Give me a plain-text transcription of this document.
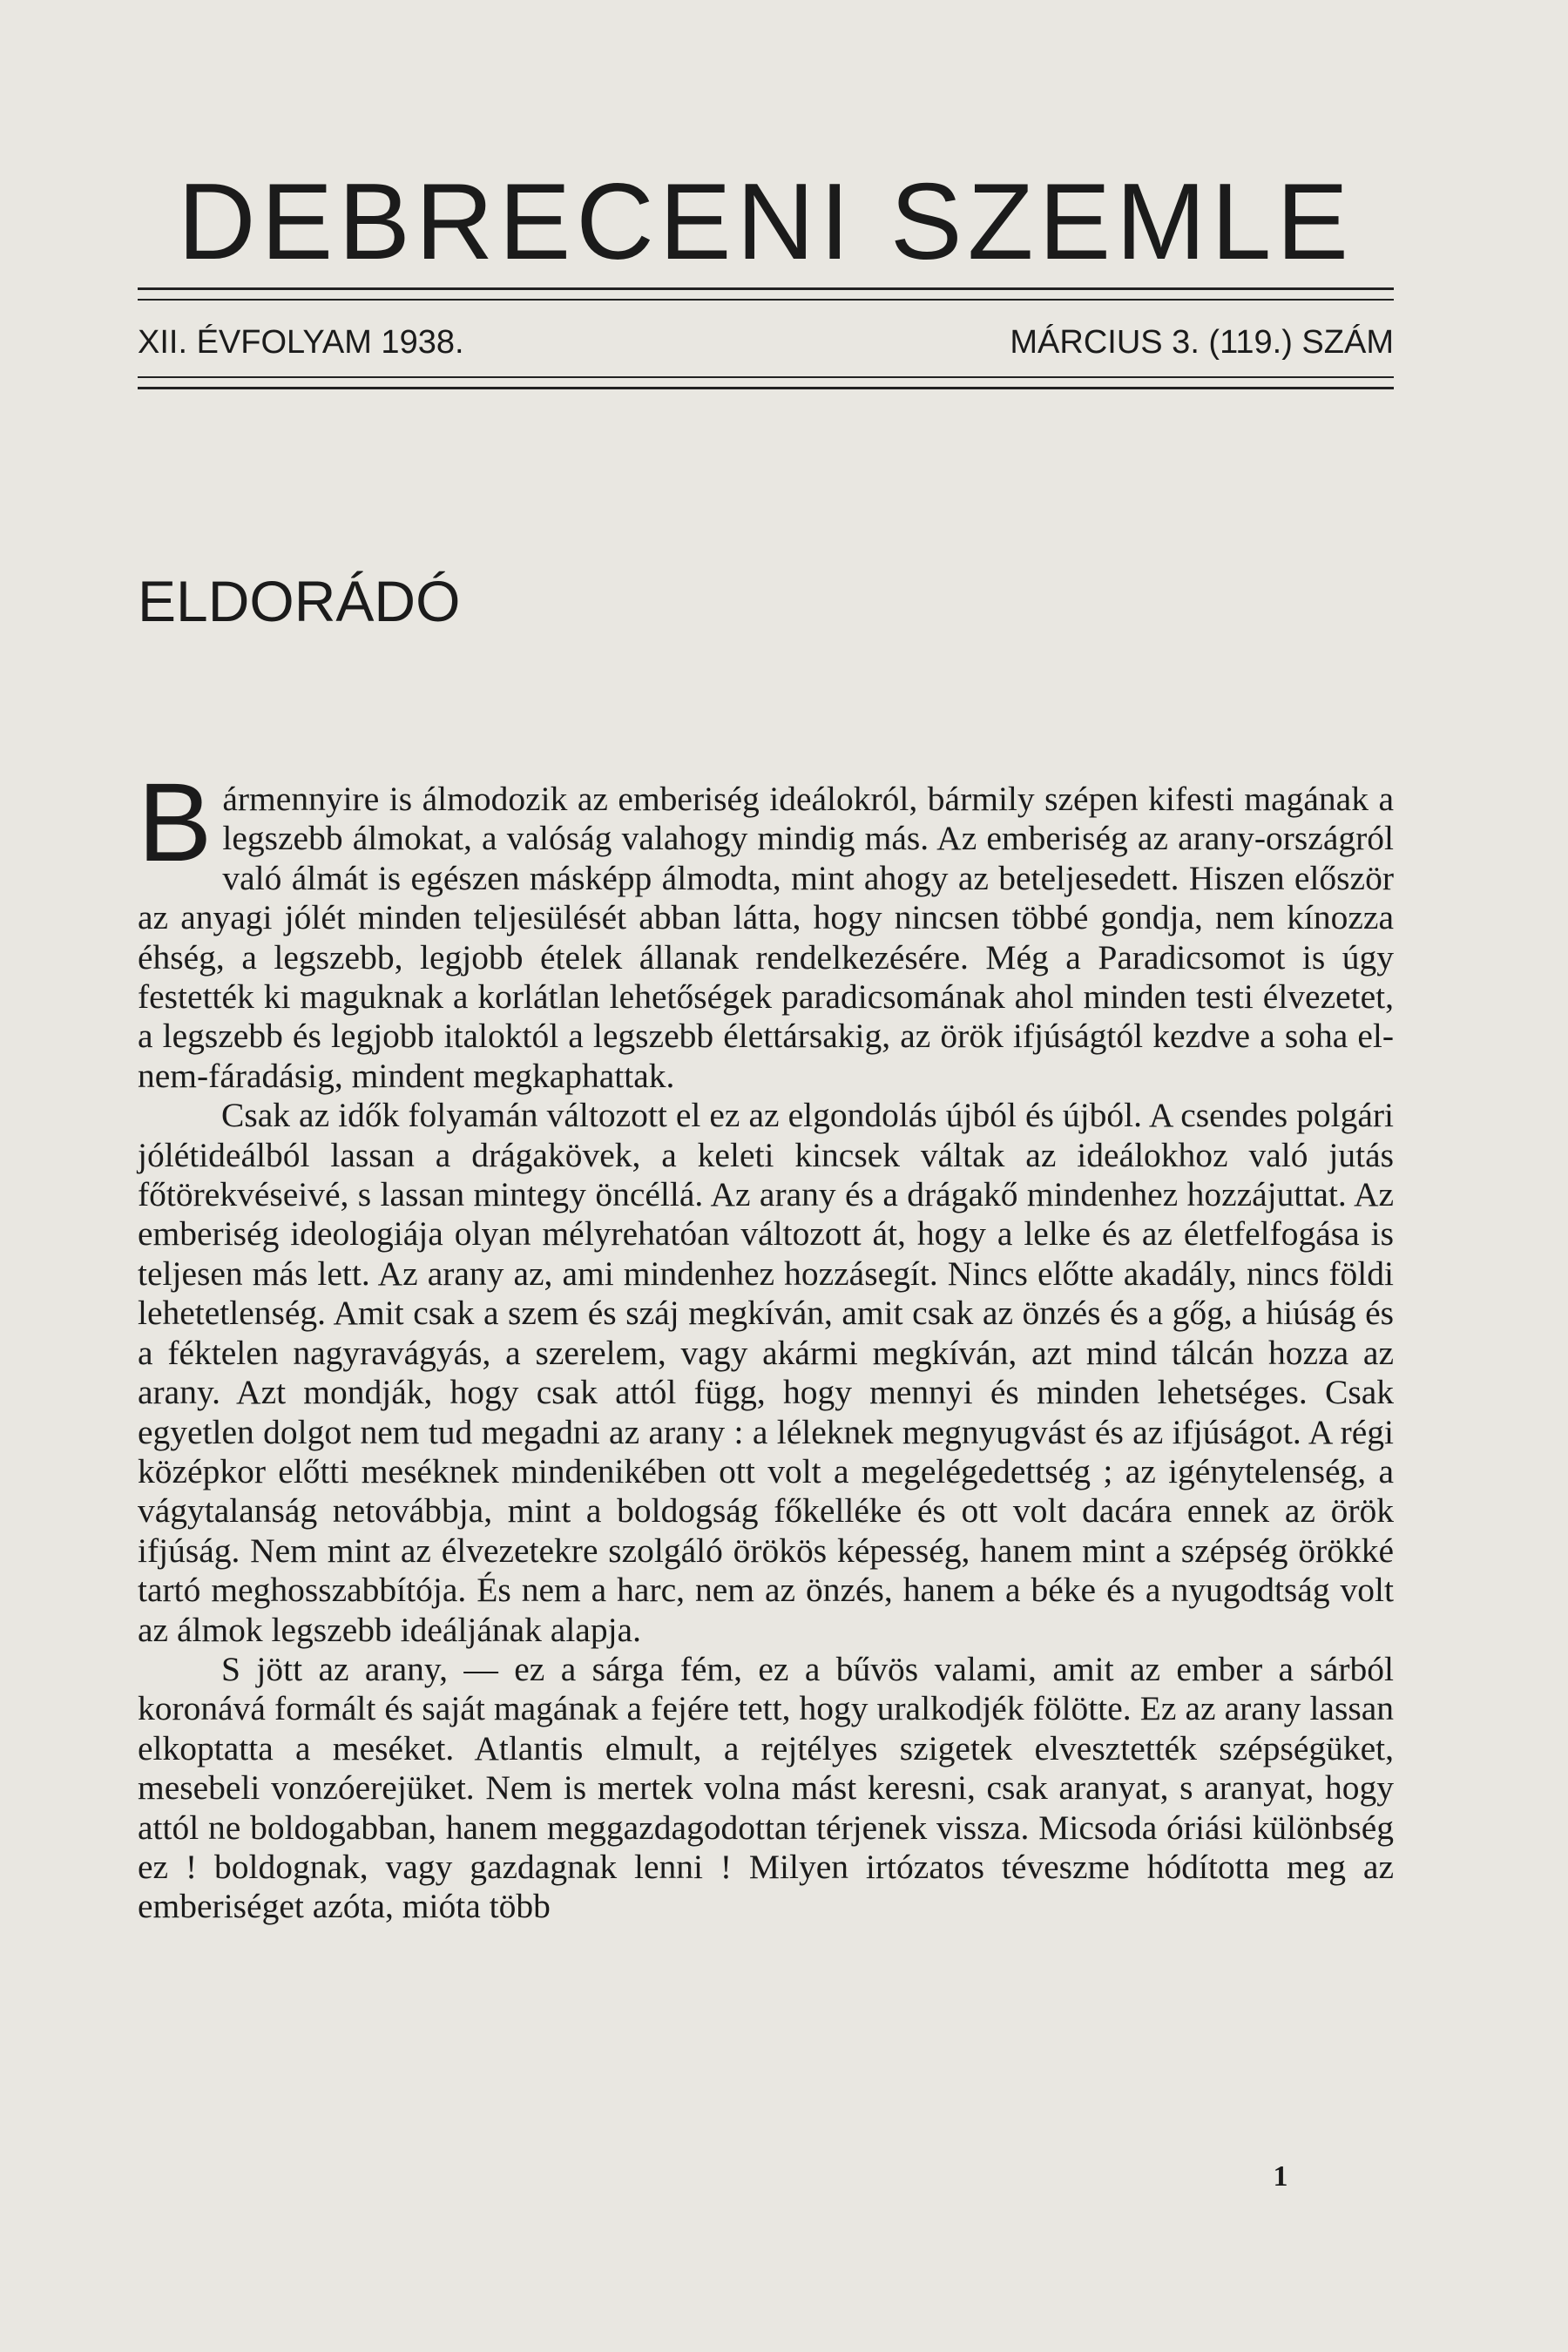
DEBRECENI SZEMLE
XII. ÉVFOLYAM 1938.	MÁRCIUS 3. (119.) SZÁM
ELDORÁDÓ

Bármennyire is álmodozik az emberiség ideálokról, bármily szépen kifesti magának a legszebb álmokat, a valóság valahogy mindig más. Az emberiség az arany-országról való álmát is egészen másképp álmodta, mint ahogy az beteljesedett. Hiszen először az anyagi jólét minden teljesülését abban látta, hogy nincsen többé gondja, nem kínozza éhség, a legszebb, legjobb ételek állanak rendelkezésére. Még a Paradicsomot is úgy festették ki maguknak a korlátlan lehetőségek paradicsomának ahol minden testi élvezetet, a legszebb és legjobb italoktól a legszebb élettársakig, az örök ifjúságtól kezdve a soha el-nem-fáradásig, mindent megkaphattak.

Csak az idők folyamán változott el ez az elgondolás újból és újból. A csendes polgári jólétideálból lassan a drágakövek, a keleti kincsek váltak az ideálokhoz való jutás főtörekvéseivé, s lassan mintegy öncéllá. Az arany és a drágakő mindenhez hozzájuttat. Az emberiség ideologiája olyan mélyrehatóan változott át, hogy a lelke és az életfelfogása is teljesen más lett. Az arany az, ami mindenhez hozzásegít. Nincs előtte akadály, nincs földi lehetetlenség. Amit csak a szem és száj megkíván, amit csak az önzés és a gőg, a hiúság és a féktelen nagyravágyás, a szerelem, vagy akármi megkíván, azt mind tálcán hozza az arany. Azt mondják, hogy csak attól függ, hogy mennyi és minden lehetséges. Csak egyetlen dolgot nem tud megadni az arany : a léleknek megnyugvást és az ifjúságot. A régi középkor előtti meséknek mindenikében ott volt a megelégedettség ; az igénytelenség, a vágytalanság netovábbja, mint a boldogság főkelléke és ott volt dacára ennek az örök ifjúság. Nem mint az élvezetekre szolgáló örökös képesség, hanem mint a szépség örökké tartó meghosszabbítója. És nem a harc, nem az önzés, hanem a béke és a nyugodtság volt az álmok legszebb ideáljának alapja.

S jött az arany, — ez a sárga fém, ez a bűvös valami, amit az ember a sárból koronává formált és saját magának a fejére tett, hogy uralkodjék fölötte. Ez az arany lassan elkoptatta a meséket. Atlantis elmult, a rejtélyes szigetek elvesztették szépségüket, mesebeli vonzóerejüket. Nem is mertek volna mást keresni, csak aranyat, s aranyat, hogy attól ne boldogabban, hanem meggazdagodottan térjenek vissza. Micsoda óriási különbség ez ! boldognak, vagy gazdagnak lenni ! Milyen irtózatos téveszme hódította meg az emberiséget azóta, mióta több

1
